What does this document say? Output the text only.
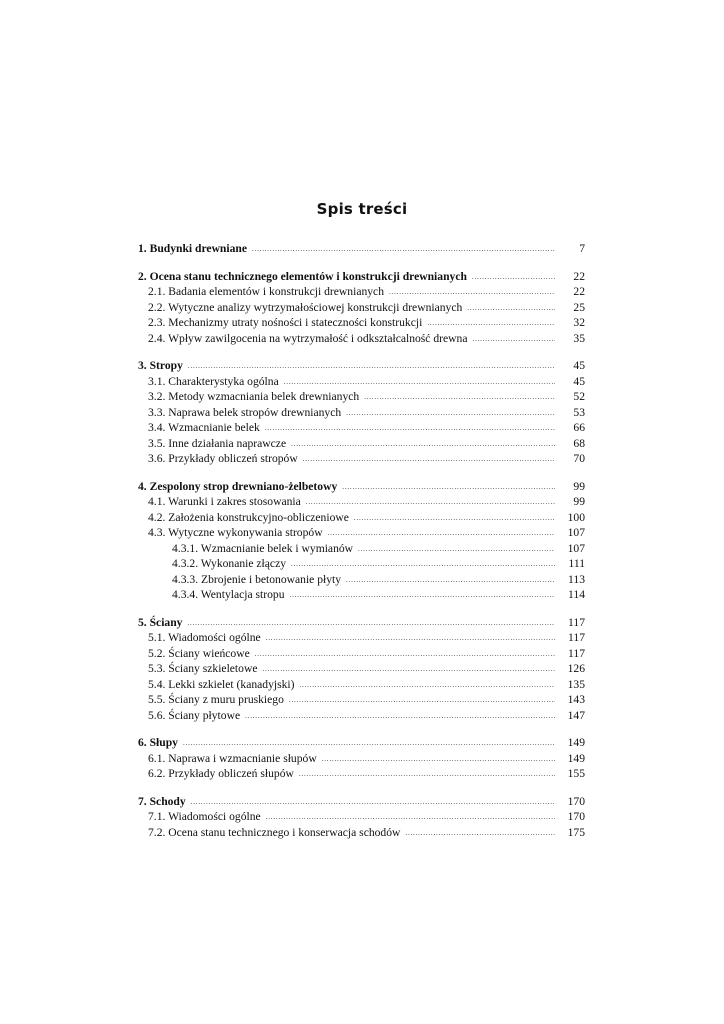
Spis treści
1. Budynki drewniane .....	7
2. Ocena stanu technicznego elementów i konstrukcji drewnianych .....	22
2.1. Badania elementów i konstrukcji drewnianych .....	22
2.2. Wytyczne analizy wytrzymałościowej konstrukcji drewnianych .....	25
2.3. Mechanizmy utraty nośności i stateczności konstrukcji .....	32
2.4. Wpływ zawilgocenia na wytrzymałość i odkształcalność drewna .....	35
3. Stropy .....	45
3.1. Charakterystyka ogólna .....	45
3.2. Metody wzmacniania belek drewnianych .....	52
3.3. Naprawa belek stropów drewnianych .....	53
3.4. Wzmacnianie belek .....	66
3.5. Inne działania naprawcze .....	68
3.6. Przykłady obliczeń stropów .....	70
4. Zespolony strop drewniano-żelbetowy .....	99
4.1. Warunki i zakres stosowania .....	99
4.2. Założenia konstrukcyjno-obliczeniowe .....	100
4.3. Wytyczne wykonywania stropów .....	107
4.3.1. Wzmacnianie belek i wymianów .....	107
4.3.2. Wykonanie złączy .....	111
4.3.3. Zbrojenie i betonowanie płyty .....	113
4.3.4. Wentylacja stropu .....	114
5. Ściany .....	117
5.1. Wiadomości ogólne .....	117
5.2. Ściany wieńcowe .....	117
5.3. Ściany szkieletowe .....	126
5.4. Lekki szkielet (kanadyjski) .....	135
5.5. Ściany z muru pruskiego .....	143
5.6. Ściany płytowe .....	147
6. Słupy .....	149
6.1. Naprawa i wzmacnianie słupów .....	149
6.2. Przykłady obliczeń słupów .....	155
7. Schody .....	170
7.1. Wiadomości ogólne .....	170
7.2. Ocena stanu technicznego i konserwacja schodów .....	175
